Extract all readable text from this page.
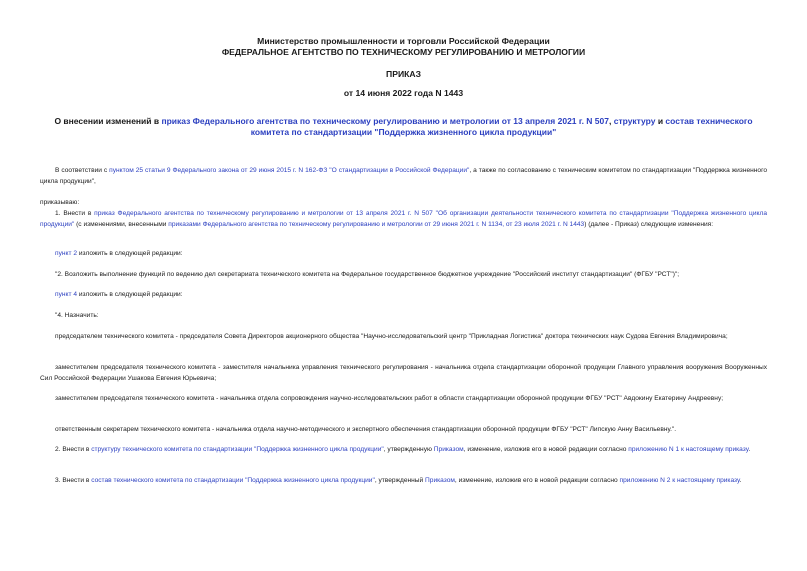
Министерство промышленности и торговли Российской Федерации
ФЕДЕРАЛЬНОЕ АГЕНТСТВО ПО ТЕХНИЧЕСКОМУ РЕГУЛИРОВАНИЮ И МЕТРОЛОГИИ
ПРИКАЗ
от 14 июня 2022 года N 1443
О внесении изменений в приказ Федерального агентства по техническому регулированию и метрологии от 13 апреля 2021 г. N 507, структуру и состав технического комитета по стандартизации "Поддержка жизненного цикла продукции"
В соответствии с пунктом 25 статьи 9 Федерального закона от 29 июня 2015 г. N 162-ФЗ "О стандартизации в Российской Федерации", а также по согласованию с техническим комитетом по стандартизации "Поддержка жизненного цикла продукции",
приказываю:
1. Внести в приказ Федерального агентства по техническому регулированию и метрологии от 13 апреля 2021 г. N 507 "Об организации деятельности технического комитета по стандартизации "Поддержка жизненного цикла продукции" (с изменениями, внесенными приказами Федерального агентства по техническому регулированию и метрологии от 29 июня 2021 г. N 1134, от 23 июля 2021 г. N 1443) (далее - Приказ) следующие изменения:
пункт 2 изложить в следующей редакции:
"2. Возложить выполнение функций по ведению дел секретариата технического комитета на Федеральное государственное бюджетное учреждение "Российский институт стандартизации" (ФГБУ "РСТ")";
пункт 4 изложить в следующей редакции:
"4. Назначить:
председателем технического комитета - председателя Совета Директоров акционерного общества "Научно-исследовательский центр "Прикладная Логистика" доктора технических наук Судова Евгения Владимировича;
заместителем председателя технического комитета - заместителя начальника управления технического регулирования - начальника отдела стандартизации оборонной продукции Главного управления вооружения Вооруженных Сил Российской Федерации Ушакова Евгения Юрьевича;
заместителем председателя технического комитета - начальника отдела сопровождения научно-исследовательских работ в области стандартизации оборонной продукции ФГБУ "РСТ" Авдокину Екатерину Андреевну;
ответственным секретарем технического комитета - начальника отдела научно-методического и экспертного обеспечения стандартизации оборонной продукции ФГБУ "РСТ" Липскую Анну Васильевну.".
2. Внести в структуру технического комитета по стандартизации "Поддержка жизненного цикла продукции", утвержденную Приказом, изменение, изложив его в новой редакции согласно приложению N 1 к настоящему приказу.
3. Внести в состав технического комитета по стандартизации "Поддержка жизненного цикла продукции", утвержденный Приказом, изменение, изложив его в новой редакции согласно приложению N 2 к настоящему приказу.
